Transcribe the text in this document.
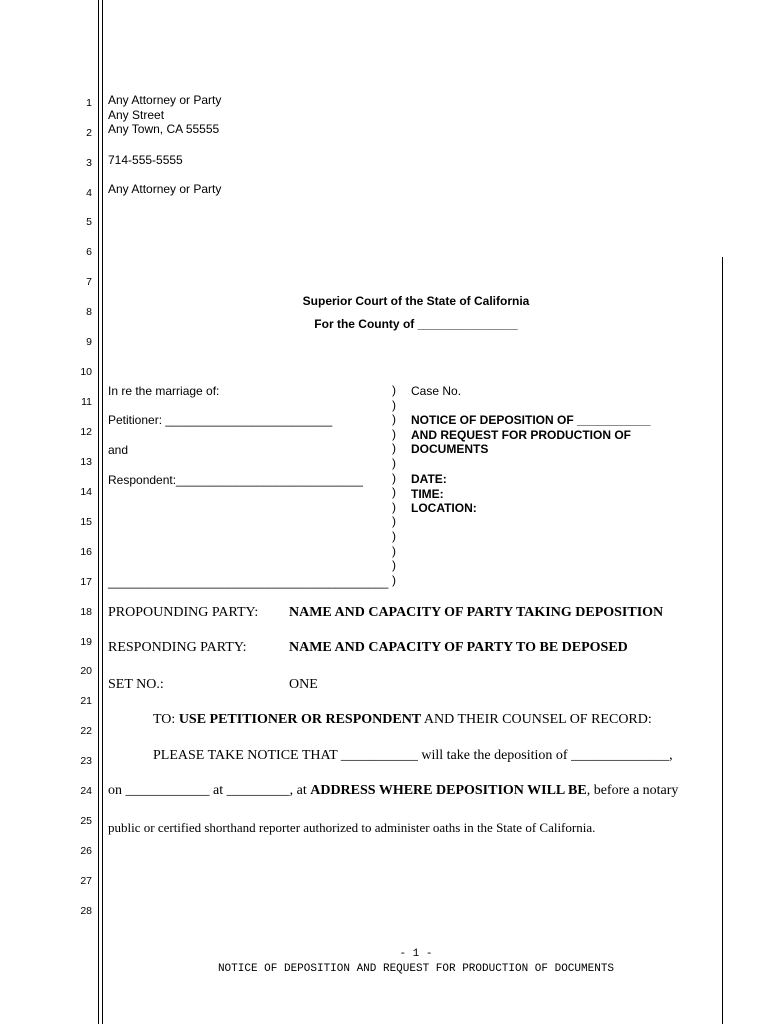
1
2
3
4
5
6
7
8
9
10
11
12
13
14
15
16
17
18
19
20
21
22
23
24
25
26
27
28
Any Attorney or Party
Any Street
Any Town, CA 55555
714-555-5555
Any Attorney or Party
Superior Court of the State of California
For the County of _______________
In re the marriage of:
Petitioner: _________________________
and
Respondent:____________________________
__________________________________________
)
)
)
)
)
)
)
)
)
)
)
)
)
)
Case No.
NOTICE OF DEPOSITION OF ___________
AND REQUEST FOR PRODUCTION OF
DOCUMENTS
DATE:
TIME:
LOCATION:
PROPOUNDING PARTY: NAME AND CAPACITY OF PARTY TAKING DEPOSITION
RESPONDING PARTY:	NAME AND CAPACITY OF PARTY TO BE DEPOSED
SET NO.:	ONE
TO: USE PETITIONER OR RESPONDENT AND THEIR COUNSEL OF RECORD:
PLEASE TAKE NOTICE THAT ___________ will take the deposition of ______________,
on ____________ at _________, at ADDRESS WHERE DEPOSITION WILL BE, before a notary
public or certified shorthand reporter authorized to administer oaths in the State of California.
- 1 -
NOTICE OF DEPOSITION AND REQUEST FOR PRODUCTION OF DOCUMENTS
